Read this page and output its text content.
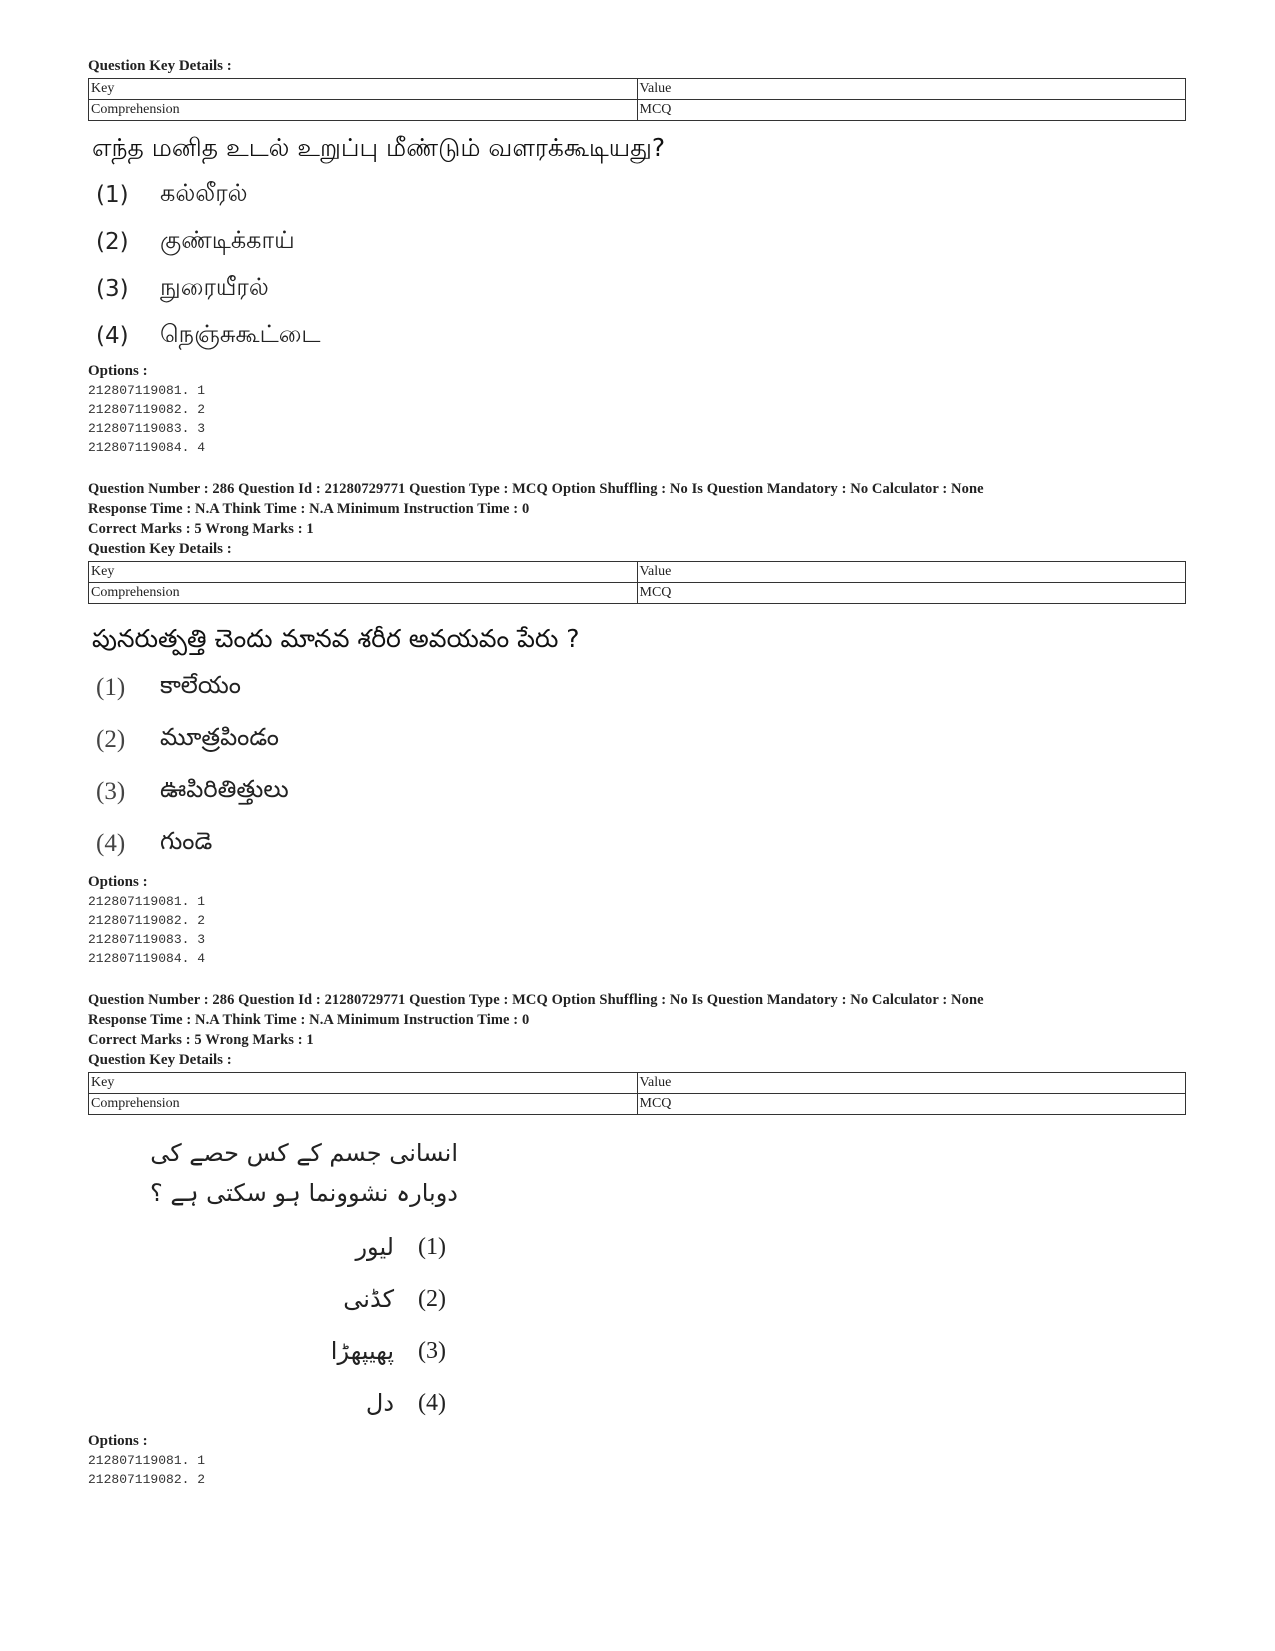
Question Key Details :
Key	Value
Comprehension	MCQ
எந்த மனித உடல் உறுப்பு மீண்டும் வளரக்கூடியது?
(1)	கல்லீரல்
(2)	குண்டிக்காய்
(3)	நுரையீரல்
(4)	நெஞ்சுகூட்டை
Options :
212807119081. 1
212807119082. 2
212807119083. 3
212807119084. 4
Question Number : 286 Question Id : 21280729771 Question Type : MCQ Option Shuffling : No Is Question Mandatory : No Calculator : None
Response Time : N.A Think Time : N.A Minimum Instruction Time : 0
Correct Marks : 5 Wrong Marks : 1
Question Key Details :
Key	Value
Comprehension	MCQ
పునరుత్పత్తి చెందు మానవ శరీర అవయవం పేరు ?
(1)	కాలేయం
(2)	మూత్రపిండం
(3)	ఊపిరితిత్తులు
(4)	గుండె
Options :
212807119081. 1
212807119082. 2
212807119083. 3
212807119084. 4
Question Number : 286 Question Id : 21280729771 Question Type : MCQ Option Shuffling : No Is Question Mandatory : No Calculator : None
Response Time : N.A Think Time : N.A Minimum Instruction Time : 0
Correct Marks : 5 Wrong Marks : 1
Question Key Details :
Key	Value
Comprehension	MCQ
انسانی جسم کے کس حصے کی دوبارہ نشوونما ہو سکتی ہے ؟
لیور (1)
کڈنی (2)
پھیپھڑا (3)
دل (4)
Options :
212807119081. 1
212807119082. 2
